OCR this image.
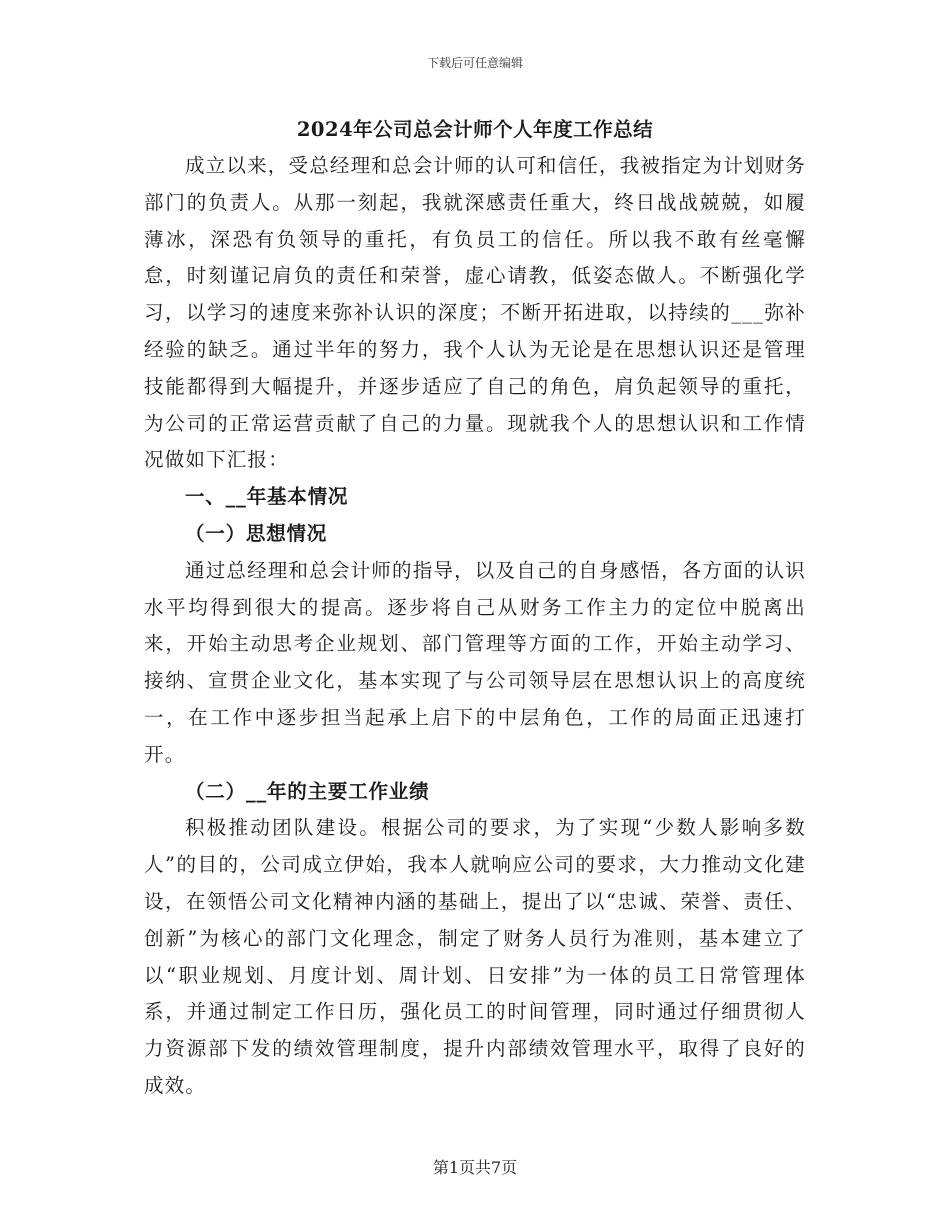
下载后可任意编辑
2024年公司总会计师个人年度工作总结

成立以来，受总经理和总会计师的认可和信任，我被指定为计划财务部门的负责人。从那一刻起，我就深感责任重大，终日战战兢兢，如履薄冰，深恐有负领导的重托，有负员工的信任。所以我不敢有丝毫懈怠，时刻谨记肩负的责任和荣誉，虚心请教，低姿态做人。不断强化学习，以学习的速度来弥补认识的深度；不断开拓进取，以持续的___弥补经验的缺乏。通过半年的努力，我个人认为无论是在思想认识还是管理技能都得到大幅提升，并逐步适应了自己的角色，肩负起领导的重托，为公司的正常运营贡献了自己的力量。现就我个人的思想认识和工作情况做如下汇报：

一、__年基本情况

（一）思想情况

通过总经理和总会计师的指导，以及自己的自身感悟，各方面的认识水平均得到很大的提高。逐步将自己从财务工作主力的定位中脱离出来，开始主动思考企业规划、部门管理等方面的工作，开始主动学习、接纳、宣贯企业文化，基本实现了与公司领导层在思想认识上的高度统一，在工作中逐步担当起承上启下的中层角色，工作的局面正迅速打开。

（二）__年的主要工作业绩

积极推动团队建设。根据公司的要求，为了实现“少数人影响多数人”的目的，公司成立伊始，我本人就响应公司的要求，大力推动文化建设，在领悟公司文化精神内涵的基础上，提出了以“忠诚、荣誉、责任、创新”为核心的部门文化理念，制定了财务人员行为准则，基本建立了以“职业规划、月度计划、周计划、日安排”为一体的员工日常管理体系，并通过制定工作日历，强化员工的时间管理，同时通过仔细贯彻人力资源部下发的绩效管理制度，提升内部绩效管理水平，取得了良好的成效。

第1页共7页
